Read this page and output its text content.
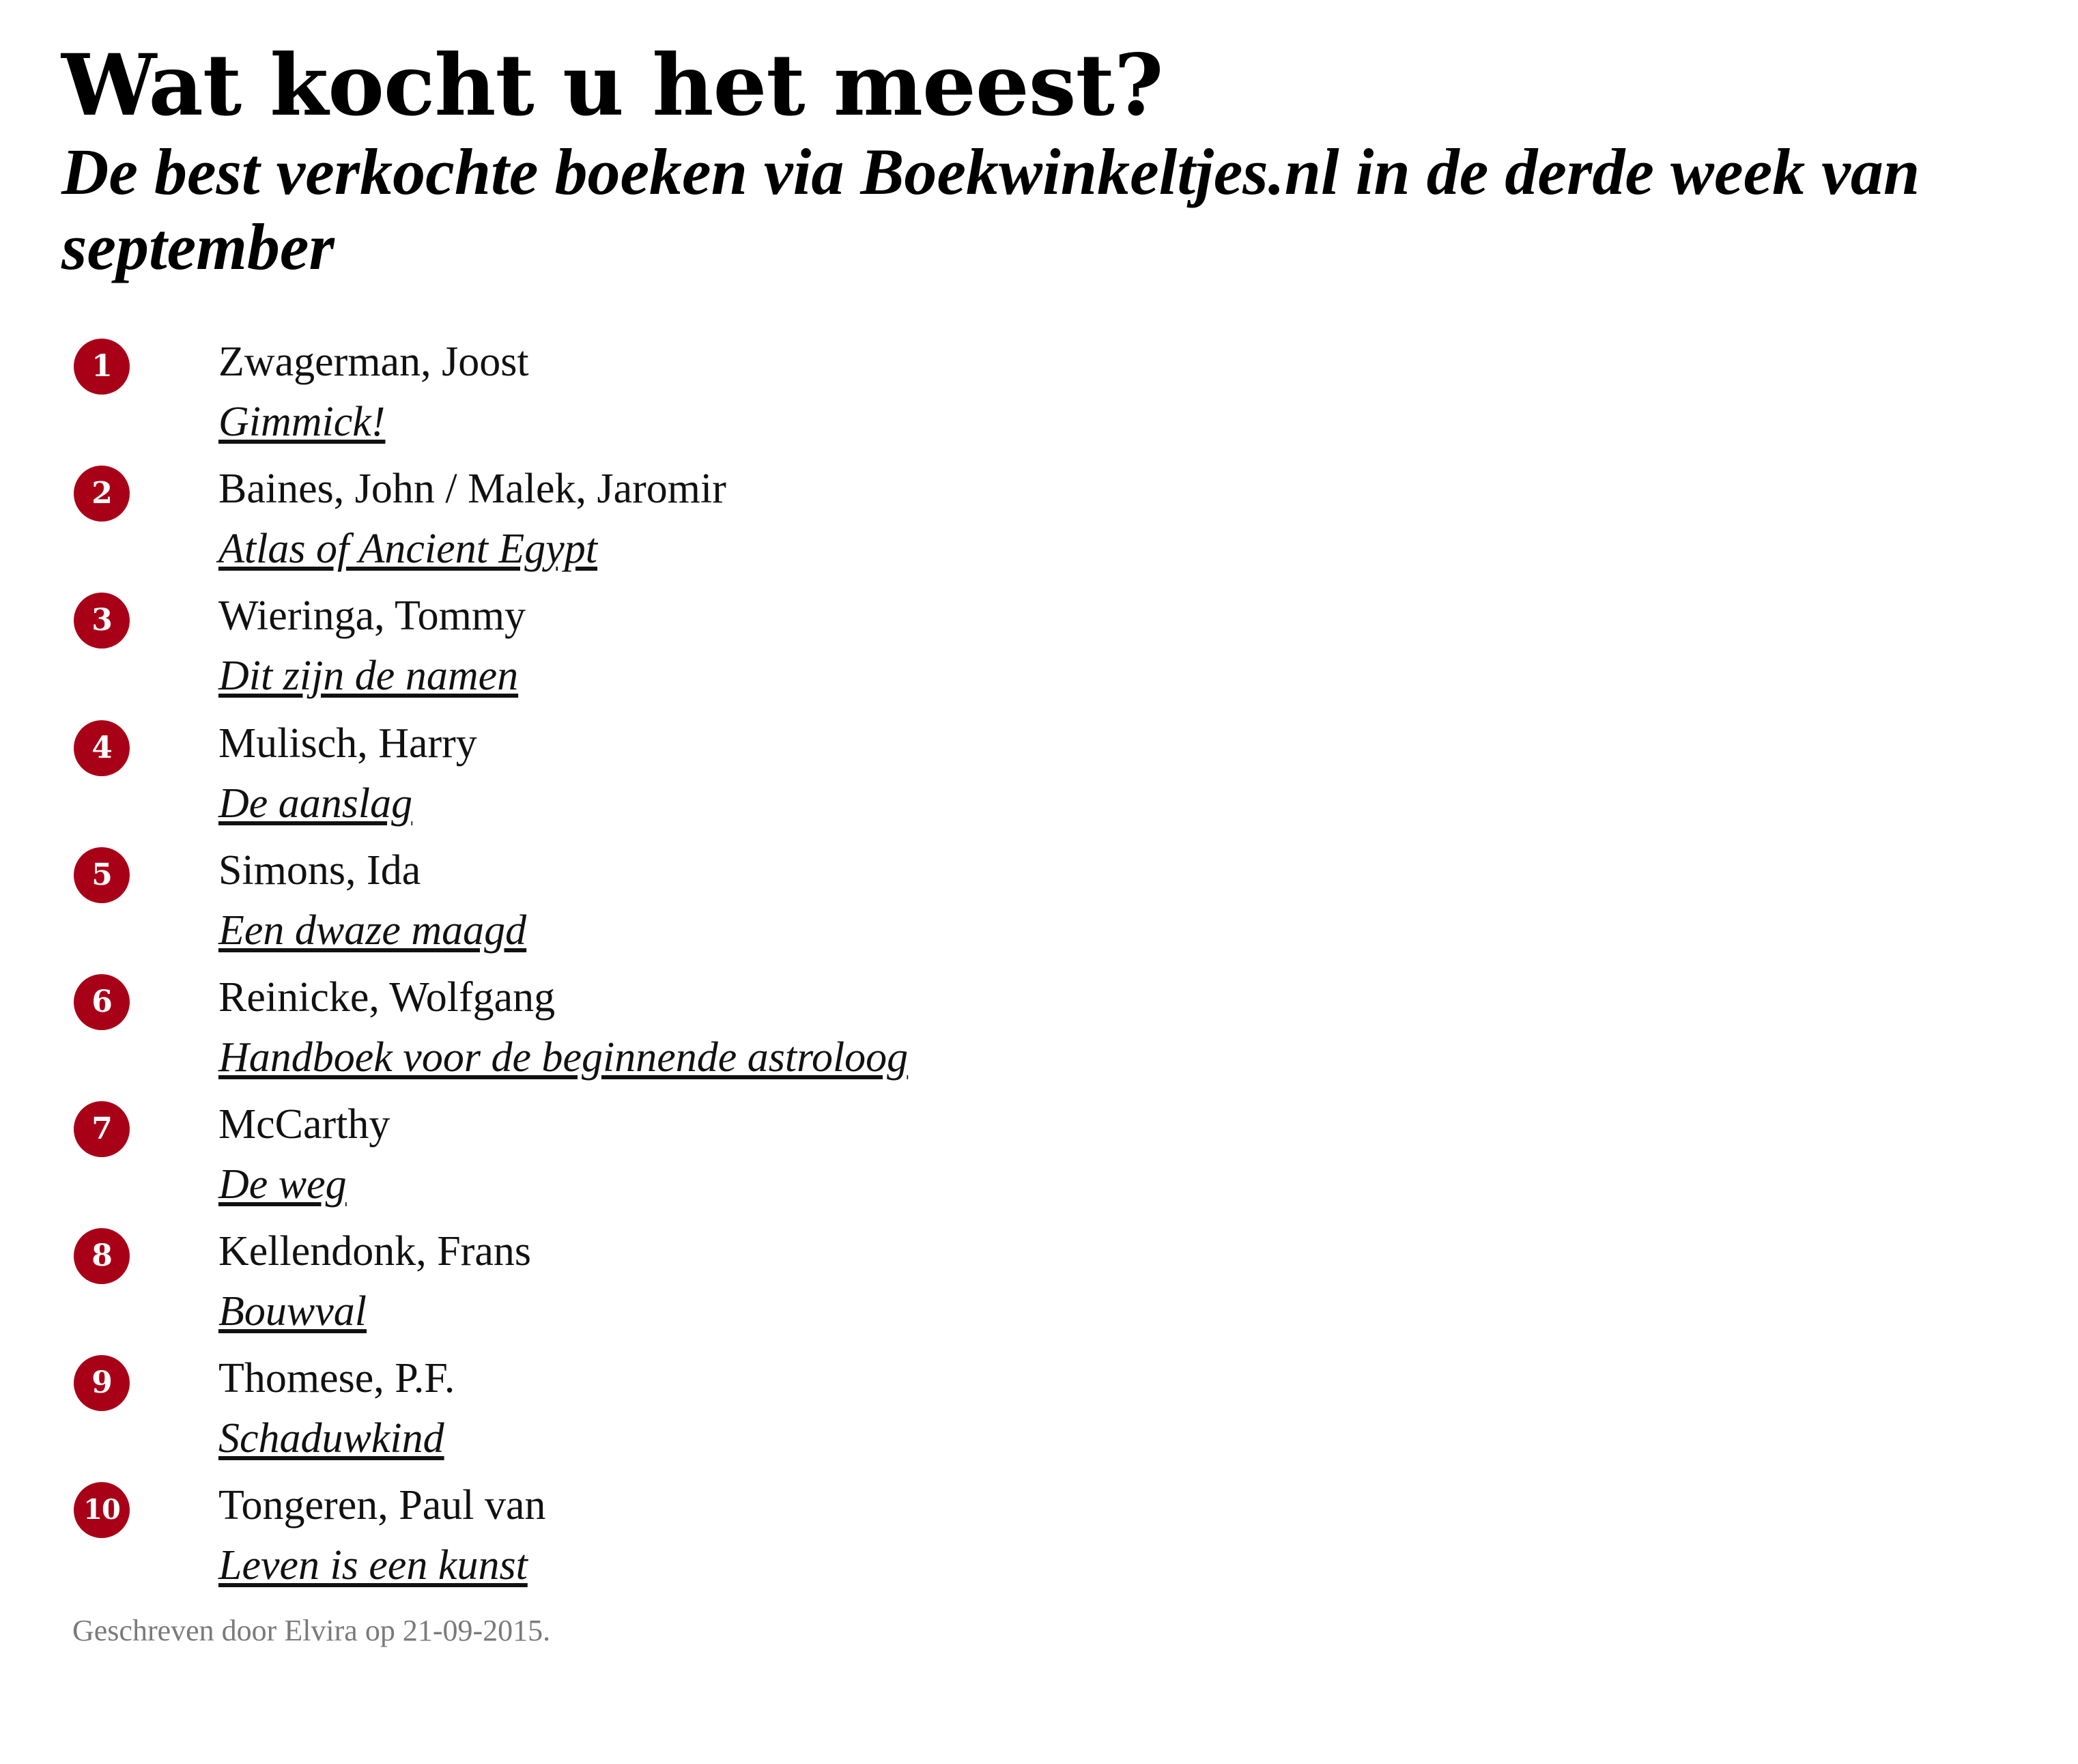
Wat kocht u het meest?
De best verkochte boeken via Boekwinkeltjes.nl in de derde week van september
1	Zwagerman, Joost
Gimmick!
2	Baines, John / Malek, Jaromir
Atlas of Ancient Egypt
3	Wieringa, Tommy
Dit zijn de namen
4	Mulisch, Harry
De aanslag
5	Simons, Ida
Een dwaze maagd
6	Reinicke, Wolfgang
Handboek voor de beginnende astroloog
7	McCarthy
De weg
8	Kellendonk, Frans
Bouwval
9	Thomese, P.F.
Schaduwkind
10 Tongeren, Paul van
Leven is een kunst
Geschreven door Elvira op 21-09-2015.
